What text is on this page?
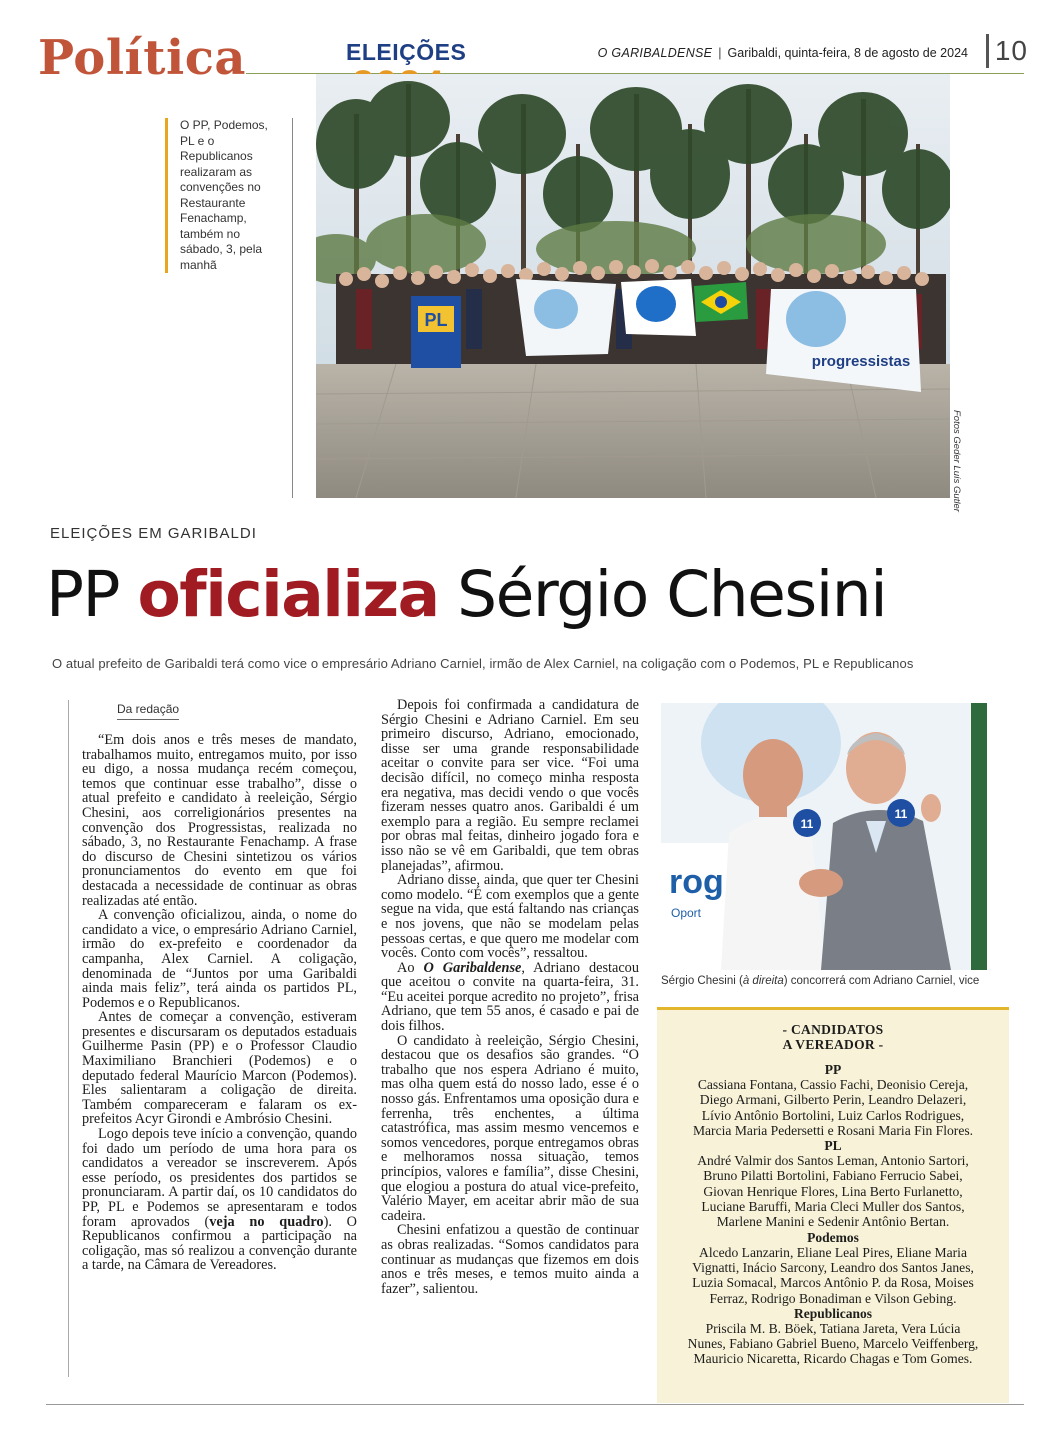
Política	ELEIÇÕES	O GARIBALDENSE | Garibaldi, quinta-feira, 8 de agosto de 2024 10
O PP, Podemos, PL e o Republicanos realizaram as convenções no Restaurante Fenachamp, também no sábado, 3, pela manhã
PL
progressistas
Fotos Geder Luís Gutler
ELEIÇÕES EM GARIBALDI
PP oficializa Sérgio Chesini
O atual prefeito de Garibaldi terá como vice o empresário Adriano Carniel, irmão de Alex Carniel, na coligação com o Podemos, PL e Republicanos
Da redação

“Em dois anos e três meses de mandato, trabalhamos muito, entregamos muito, por isso eu digo, a nossa mudança recém começou, temos que continuar esse trabalho”, disse o atual prefeito e candidato à reeleição, Sérgio Chesini, aos correligionários presentes na convenção dos Progressistas, realizada no sábado, 3, no Restaurante Fenachamp. A frase do discurso de Chesini sintetizou os vários pronunciamentos do evento em que foi destacada a necessidade de continuar as obras realizadas até então.

A convenção oficializou, ainda, o nome do candidato a vice, o empresário Adriano Carniel, irmão do ex-prefeito e coordenador da campanha, Alex Carniel. A coligação, denominada de “Juntos por uma Garibaldi ainda mais feliz”, terá ainda os partidos PL, Podemos e o Republicanos.

Antes de começar a convenção, estiveram presentes e discursaram os deputados estaduais Guilherme Pasin (PP) e o Professor Claudio Maximiliano Branchieri (Podemos) e o deputado federal Maurício Marcon (Podemos). Eles salientaram a coligação de direita. Também compareceram e falaram os ex-prefeitos Acyr Girondi e Ambrósio Chesini.

Logo depois teve início a convenção, quando foi dado um período de uma hora para os candidatos a vereador se inscreverem. Após esse período, os presidentes dos partidos se pronunciaram. A partir daí, os 10 candidatos do PP, PL e Podemos se apresentaram e todos foram aprovados (veja no quadro). O Republicanos confirmou a participação na coligação, mas só realizou a convenção durante a tarde, na Câmara de Vereadores.

Depois foi confirmada a candidatura de Sérgio Chesini e Adriano Carniel. Em seu primeiro discurso, Adriano, emocionado, disse ser uma grande responsabilidade aceitar o convite para ser vice. “Foi uma decisão difícil, no começo minha resposta era negativa, mas decidi vendo o que vocês fizeram nesses quatro anos. Garibaldi é um exemplo para a região. Eu sempre reclamei por obras mal feitas, dinheiro jogado fora e isso não se vê em Garibaldi, que tem obras planejadas”, afirmou.

Adriano disse, ainda, que quer ter Chesini como modelo. “É com exemplos que a gente segue na vida, que está faltando nas crianças e nos jovens, que não se modelam pelas pessoas certas, e que quero me modelar com vocês. Conto com vocês”, ressaltou.

Ao O Garibaldense, Adriano destacou que aceitou o convite na quarta-feira, 31. “Eu aceitei porque acredito no projeto”, frisa Adriano, que tem 55 anos, é casado e pai de dois filhos.

O candidato à reeleição, Sérgio Chesini, destacou que os desafios são grandes. “O trabalho que nos espera Adriano é muito, mas olha quem está do nosso lado, esse é o nosso gás. Enfrentamos uma oposição dura e ferrenha, três enchentes, a última catastrófica, mas assim mesmo vencemos e somos vencedores, porque entregamos obras e melhoramos nossa situação, temos princípios, valores e família”, disse Chesini, que elogiou a postura do atual vice-prefeito, Valério Mayer, em aceitar abrir mão de sua cadeira.

Chesini enfatizou a questão de continuar as obras realizadas. “Somos candidatos para continuar as mudanças que fizemos em dois anos e três meses, e temos muito ainda a fazer”, salientou.

rog
Oport
11
11
Sérgio Chesini (à direita) concorrerá com Adriano Carniel, vice
- CANDIDATOS
A VEREADOR -
PP
Cassiana Fontana, Cassio Fachi, Deonisio Cereja, Diego Armani, Gilberto Perin, Leandro Delazeri, Lívio Antônio Bortolini, Luiz Carlos Rodrigues, Marcia Maria Pedersetti e Rosani Maria Fin Flores.
PL
André Valmir dos Santos Leman, Antonio Sartori, Bruno Pilatti Bortolini, Fabiano Ferrucio Sabei, Giovan Henrique Flores, Lina Berto Furlanetto, Luciane Baruffi, Maria Cleci Muller dos Santos, Marlene Manini e Sedenir Antônio Bertan.
Podemos
Alcedo Lanzarin, Eliane Leal Pires, Eliane Maria Vignatti, Inácio Sarcony, Leandro dos Santos Janes, Luzia Somacal, Marcos Antônio P. da Rosa, Moises Ferraz, Rodrigo Bonadiman e Vilson Gebing.
Republicanos
Priscila M. B. Böek, Tatiana Jareta, Vera Lúcia Nunes, Fabiano Gabriel Bueno, Marcelo Veiffenberg, Mauricio Nicaretta, Ricardo Chagas e Tom Gomes.
